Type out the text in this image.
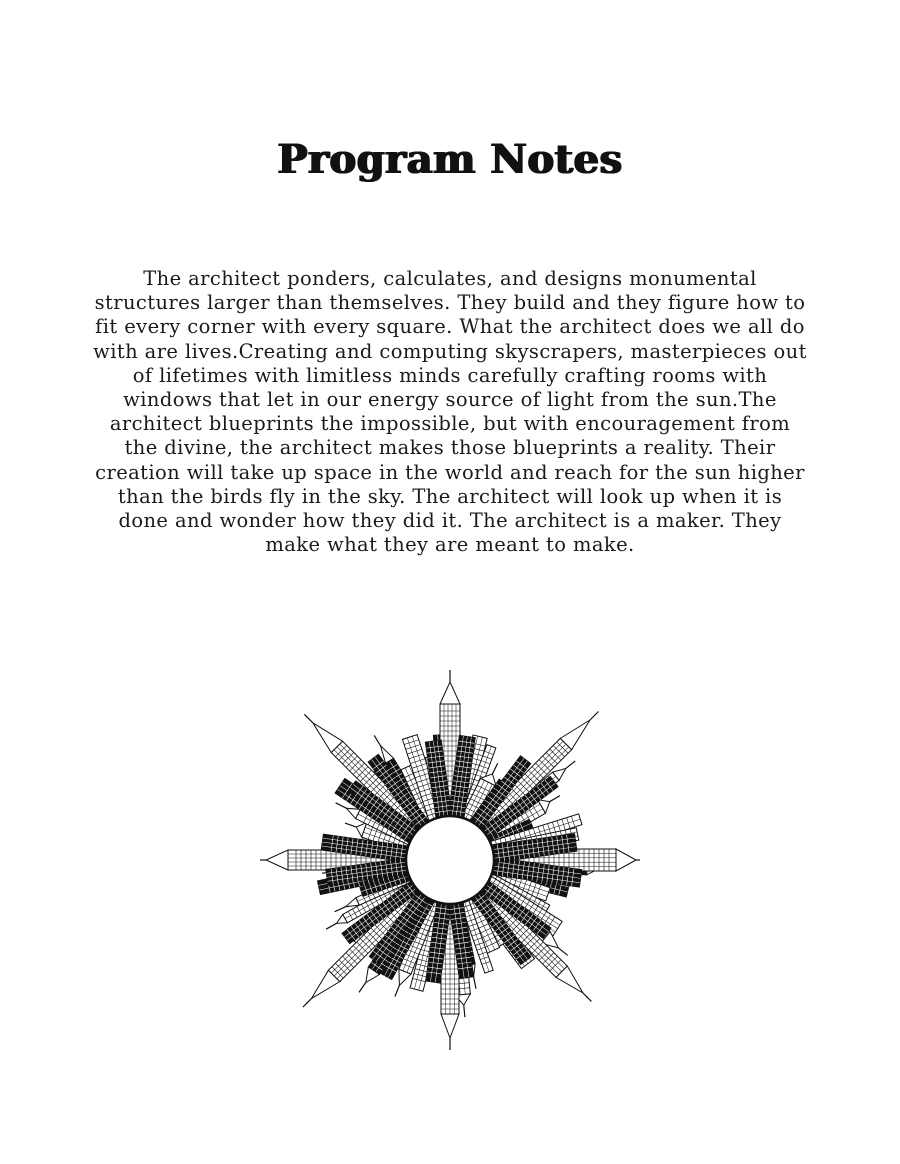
Program Notes

The architect ponders, calculates, and designs monumental structures larger than themselves. They build and they figure how to fit every corner with every square. What the architect does we all do with are lives.Creating and computing skyscrapers, masterpieces out of lifetimes with limitless minds carefully crafting rooms with windows that let in our energy source of light from the sun.The architect blueprints the impossible, but with encouragement from the divine, the architect makes those blueprints a reality. Their creation will take up space in the world and reach for the sun higher than the birds fly in the sky. The architect will look up when it is done and wonder how they did it. The architect is a maker. They make what they are meant to make.
